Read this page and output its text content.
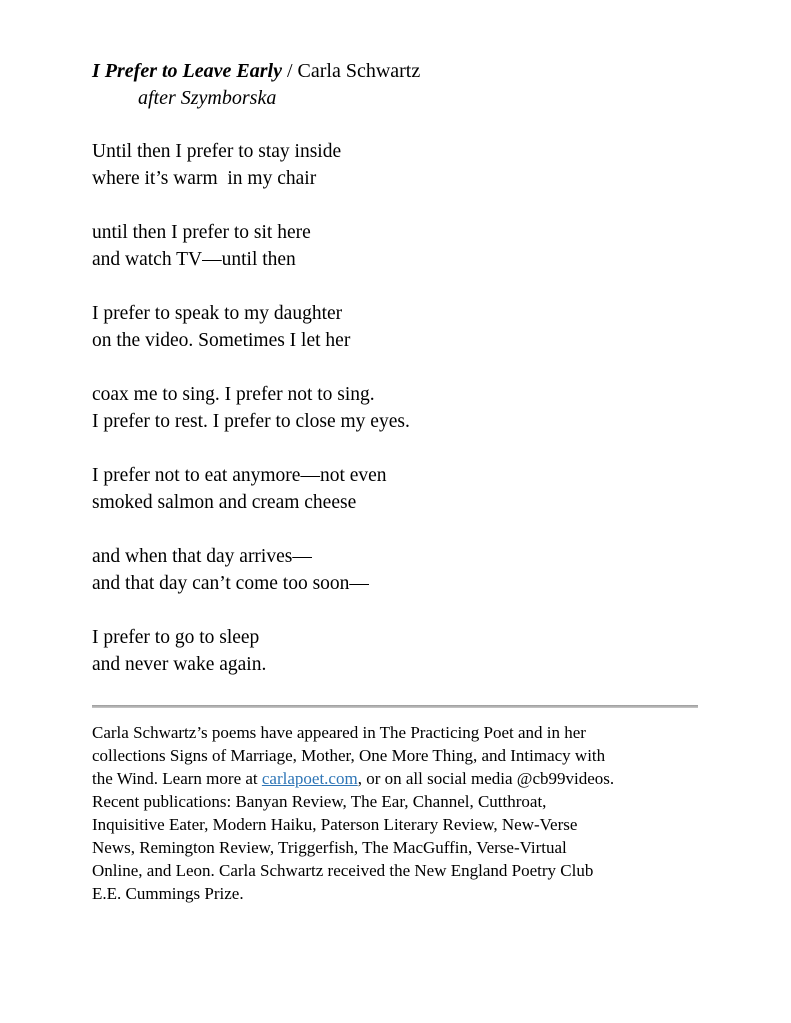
I Prefer to Leave Early / Carla Schwartz
after Szymborska
Until then I prefer to stay inside
where it’s warm  in my chair
until then I prefer to sit here
and watch TV—until then
I prefer to speak to my daughter
on the video. Sometimes I let her
coax me to sing. I prefer not to sing.
I prefer to rest. I prefer to close my eyes.
I prefer not to eat anymore—not even
smoked salmon and cream cheese
and when that day arrives—
and that day can’t come too soon—
I prefer to go to sleep
and never wake again.
Carla Schwartz’s poems have appeared in The Practicing Poet and in her
collections Signs of Marriage, Mother, One More Thing, and Intimacy with
the Wind. Learn more at carlapoet.com, or on all social media @cb99videos.
Recent publications: Banyan Review, The Ear, Channel, Cutthroat,
Inquisitive Eater, Modern Haiku, Paterson Literary Review, New-Verse
News, Remington Review, Triggerfish, The MacGuffin, Verse-Virtual
Online, and Leon. Carla Schwartz received the New England Poetry Club
E.E. Cummings Prize.
